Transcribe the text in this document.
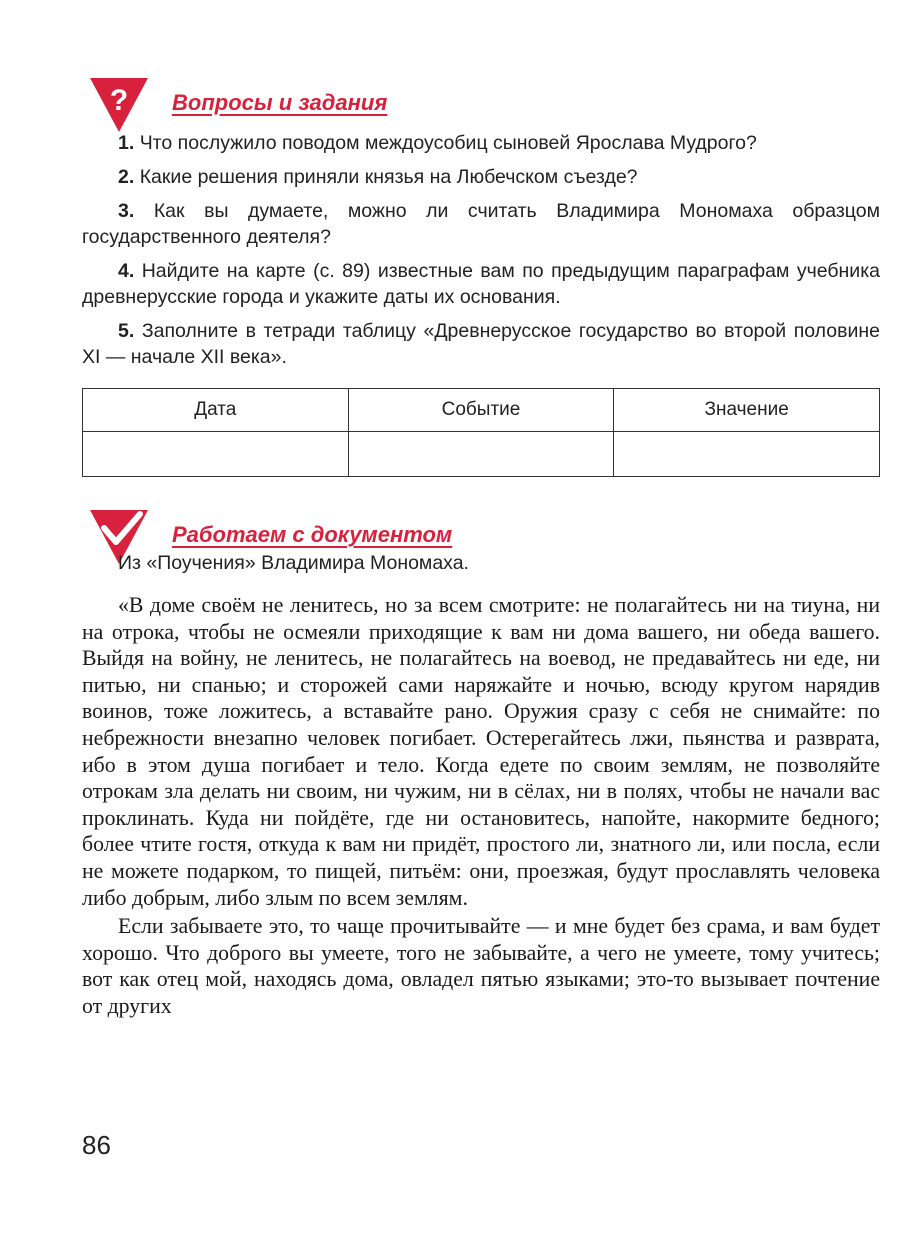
? Вопросы и задания

1. Что послужило поводом междоусобиц сыновей Ярослава Мудрого?

2. Какие решения приняли князья на Любечском съезде?

3. Как вы думаете, можно ли считать Владимира Мономаха образцом государственного деятеля?

4. Найдите на карте (с. 89) известные вам по предыдущим параграфам учебника древнерусские города и укажите даты их основания.

5. Заполните в тетради таблицу «Древнерусское государство во второй половине XI — начале XII века».

Дата	Событие	Значение

Работаем с документом
Из «Поучения» Владимира Мономаха.

«В доме своём не ленитесь, но за всем смотрите: не полагайтесь ни на тиуна, ни на отрока, чтобы не осмеяли приходящие к вам ни дома вашего, ни обеда вашего. Выйдя на войну, не ленитесь, не полагайтесь на воевод, не предавайтесь ни еде, ни питью, ни спанью; и сторожей сами наряжайте и ночью, всюду кругом нарядив воинов, тоже ложитесь, а вставайте рано. Оружия сразу с себя не снимайте: по небрежности внезапно человек погибает. Остерегайтесь лжи, пьянства и разврата, ибо в этом душа погибает и тело. Когда едете по своим землям, не позволяйте отрокам зла делать ни своим, ни чужим, ни в сёлах, ни в полях, чтобы не начали вас проклинать. Куда ни пойдёте, где ни остановитесь, напойте, накормите бедного; более чтите гостя, откуда к вам ни придёт, простого ли, знатного ли, или посла, если не можете подарком, то пищей, питьём: они, проезжая, будут прославлять человека либо добрым, либо злым по всем землям.

Если забываете это, то чаще прочитывайте — и мне будет без срама, и вам будет хорошо. Что доброго вы умеете, того не забывайте, а чего не умеете, тому учитесь; вот как отец мой, находясь дома, овладел пятью языками; это-то вызывает почтение от других

86
